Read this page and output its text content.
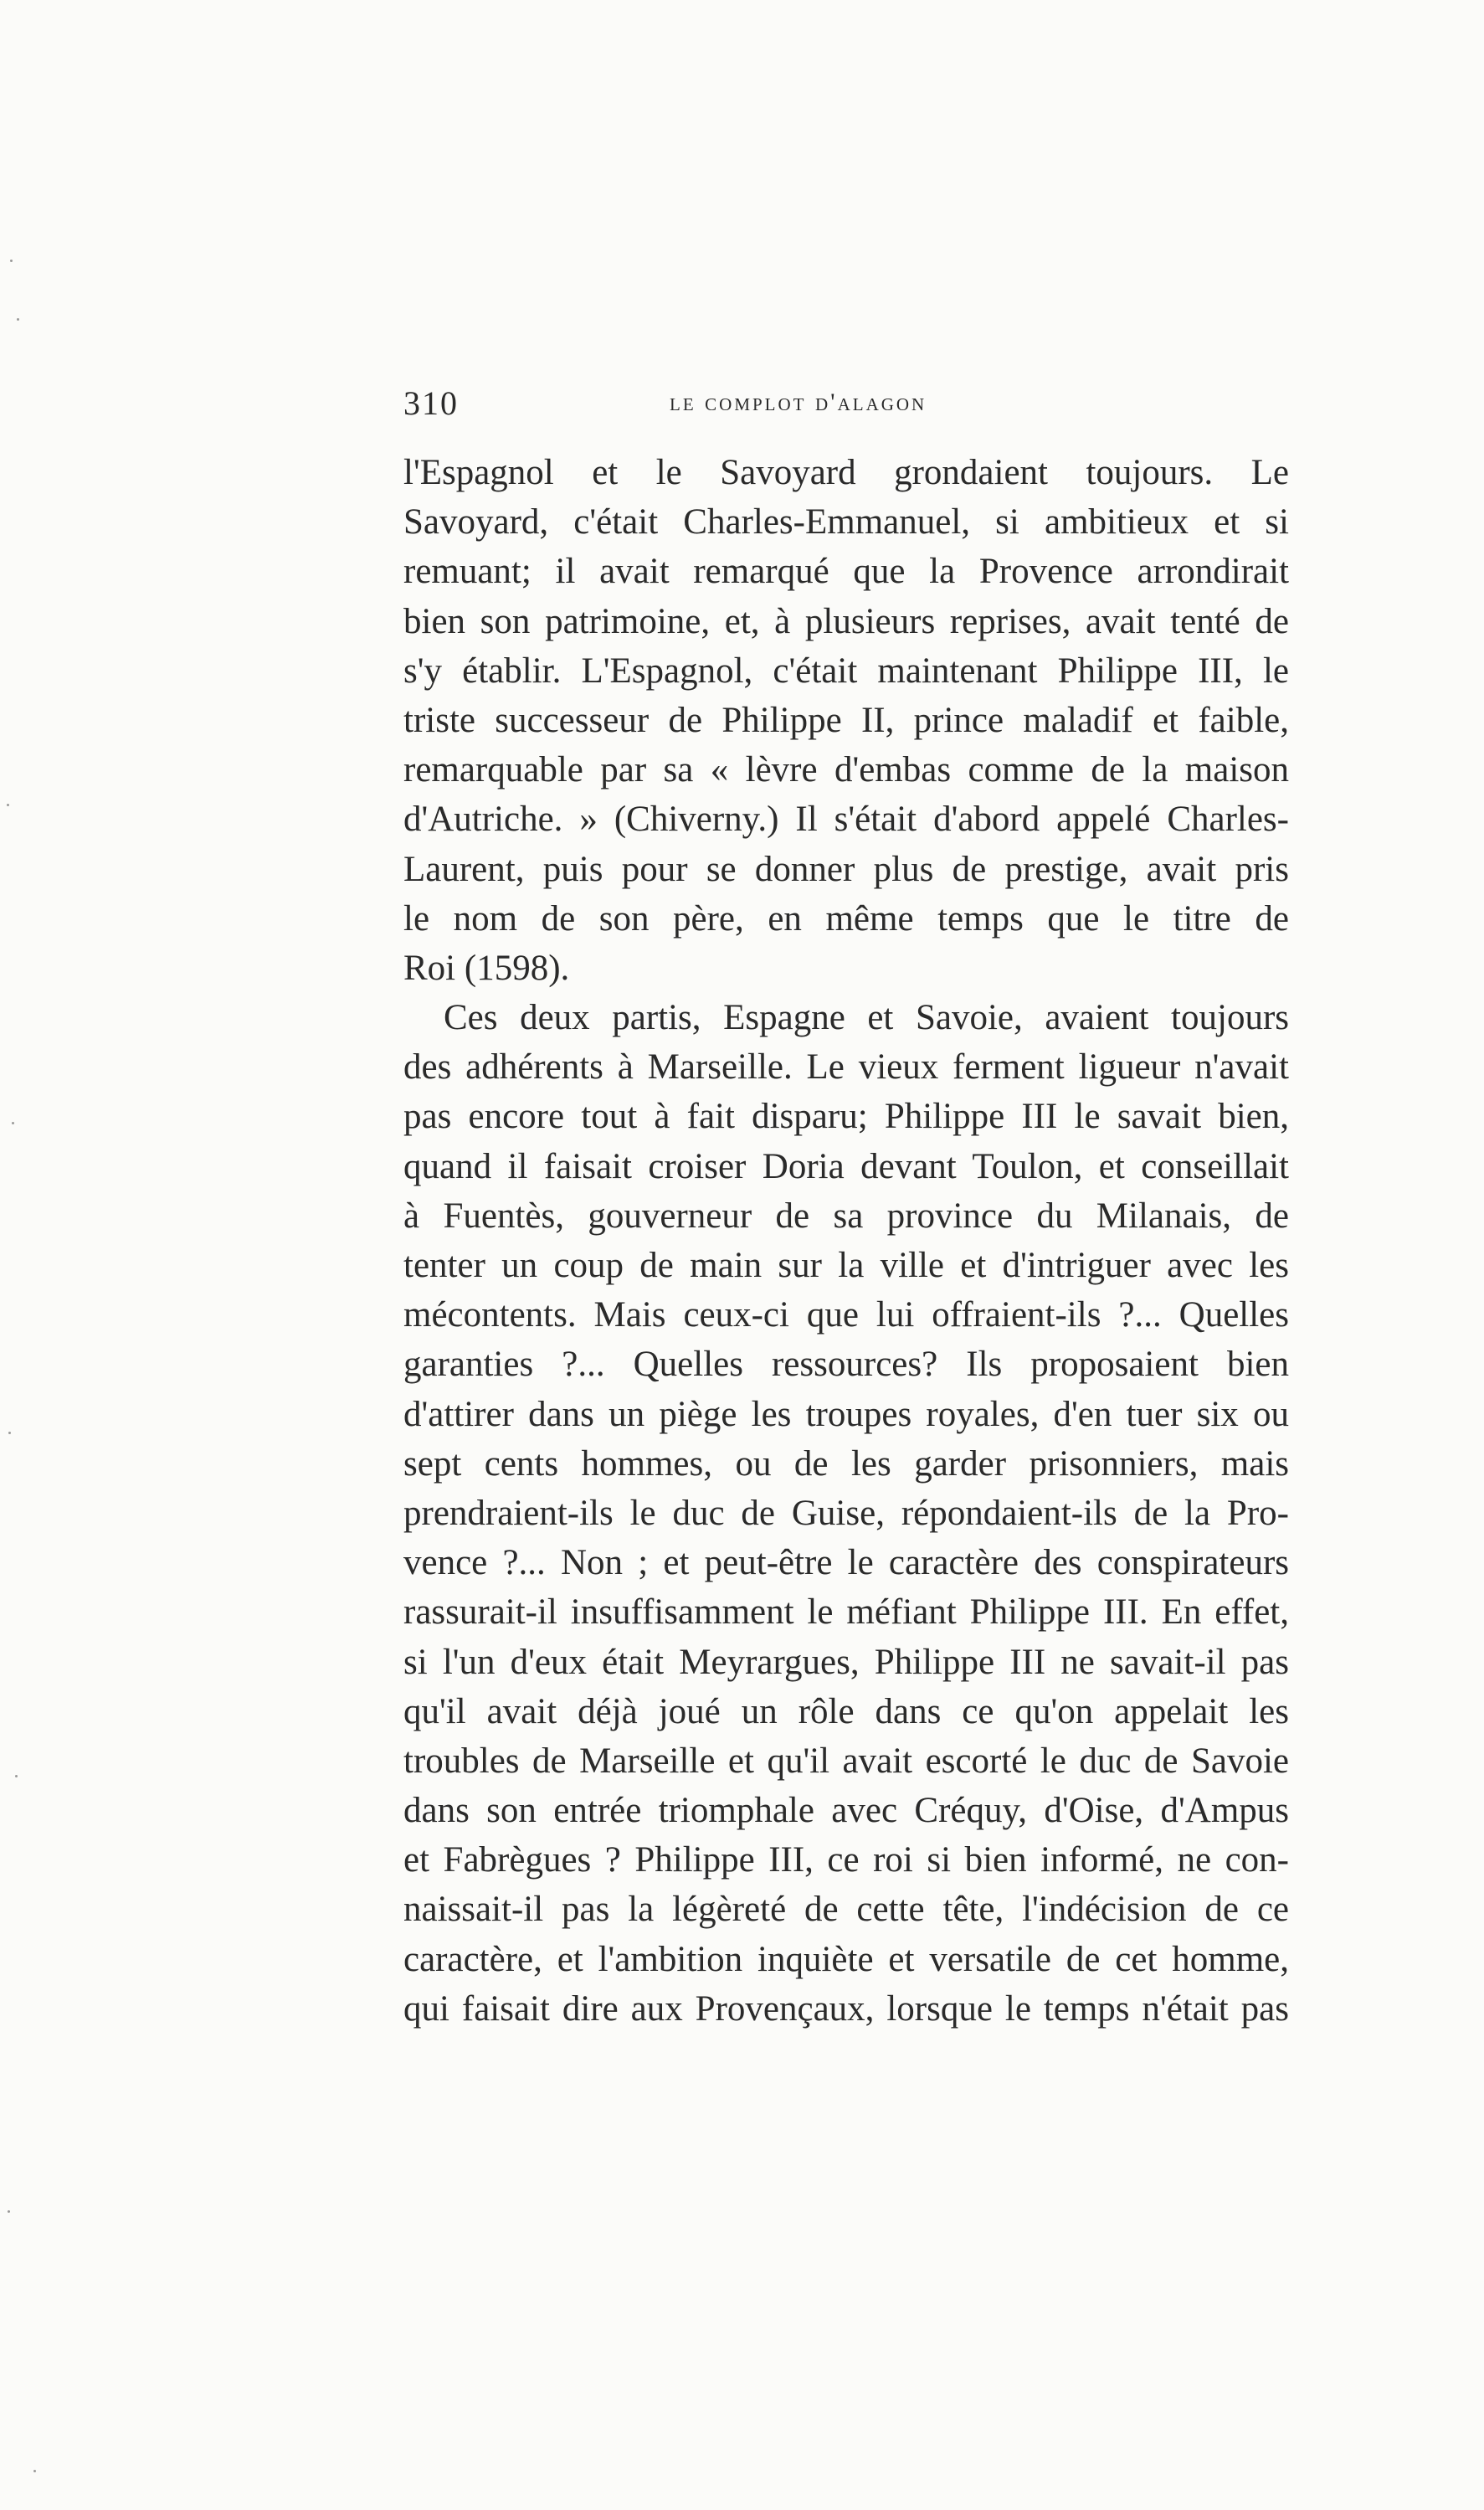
310	le complot d'alagon
l'Espagnol et le Savoyard grondaient toujours. Le
Savoyard, c'était Charles-Emmanuel, si ambitieux et si
remuant; il avait remarqué que la Provence arrondirait
bien son patrimoine, et, à plusieurs reprises, avait tenté de
s'y établir. L'Espagnol, c'était maintenant Philippe III, le
triste successeur de Philippe II, prince maladif et faible,
remarquable par sa « lèvre d'embas comme de la maison
d'Autriche. » (Chiverny.) Il s'était d'abord appelé Charles-
Laurent, puis pour se donner plus de prestige, avait pris
le nom de son père, en même temps que le titre de
Roi (1598).
Ces deux partis, Espagne et Savoie, avaient toujours
des adhérents à Marseille. Le vieux ferment ligueur n'avait
pas encore tout à fait disparu; Philippe III le savait bien,
quand il faisait croiser Doria devant Toulon, et conseillait
à Fuentès, gouverneur de sa province du Milanais, de
tenter un coup de main sur la ville et d'intriguer avec les
mécontents. Mais ceux-ci que lui offraient-ils ?... Quelles
garanties ?... Quelles ressources? Ils proposaient bien
d'attirer dans un piège les troupes royales, d'en tuer six ou
sept cents hommes, ou de les garder prisonniers, mais
prendraient-ils le duc de Guise, répondaient-ils de la Pro-
vence ?... Non ; et peut-être le caractère des conspirateurs
rassurait-il insuffisamment le méfiant Philippe III. En effet,
si l'un d'eux était Meyrargues, Philippe III ne savait-il pas
qu'il avait déjà joué un rôle dans ce qu'on appelait les
troubles de Marseille et qu'il avait escorté le duc de Savoie
dans son entrée triomphale avec Créquy, d'Oise, d'Ampus
et Fabrègues ? Philippe III, ce roi si bien informé, ne con-
naissait-il pas la légèreté de cette tête, l'indécision de ce
caractère, et l'ambition inquiète et versatile de cet homme,
qui faisait dire aux Provençaux, lorsque le temps n'était pas
